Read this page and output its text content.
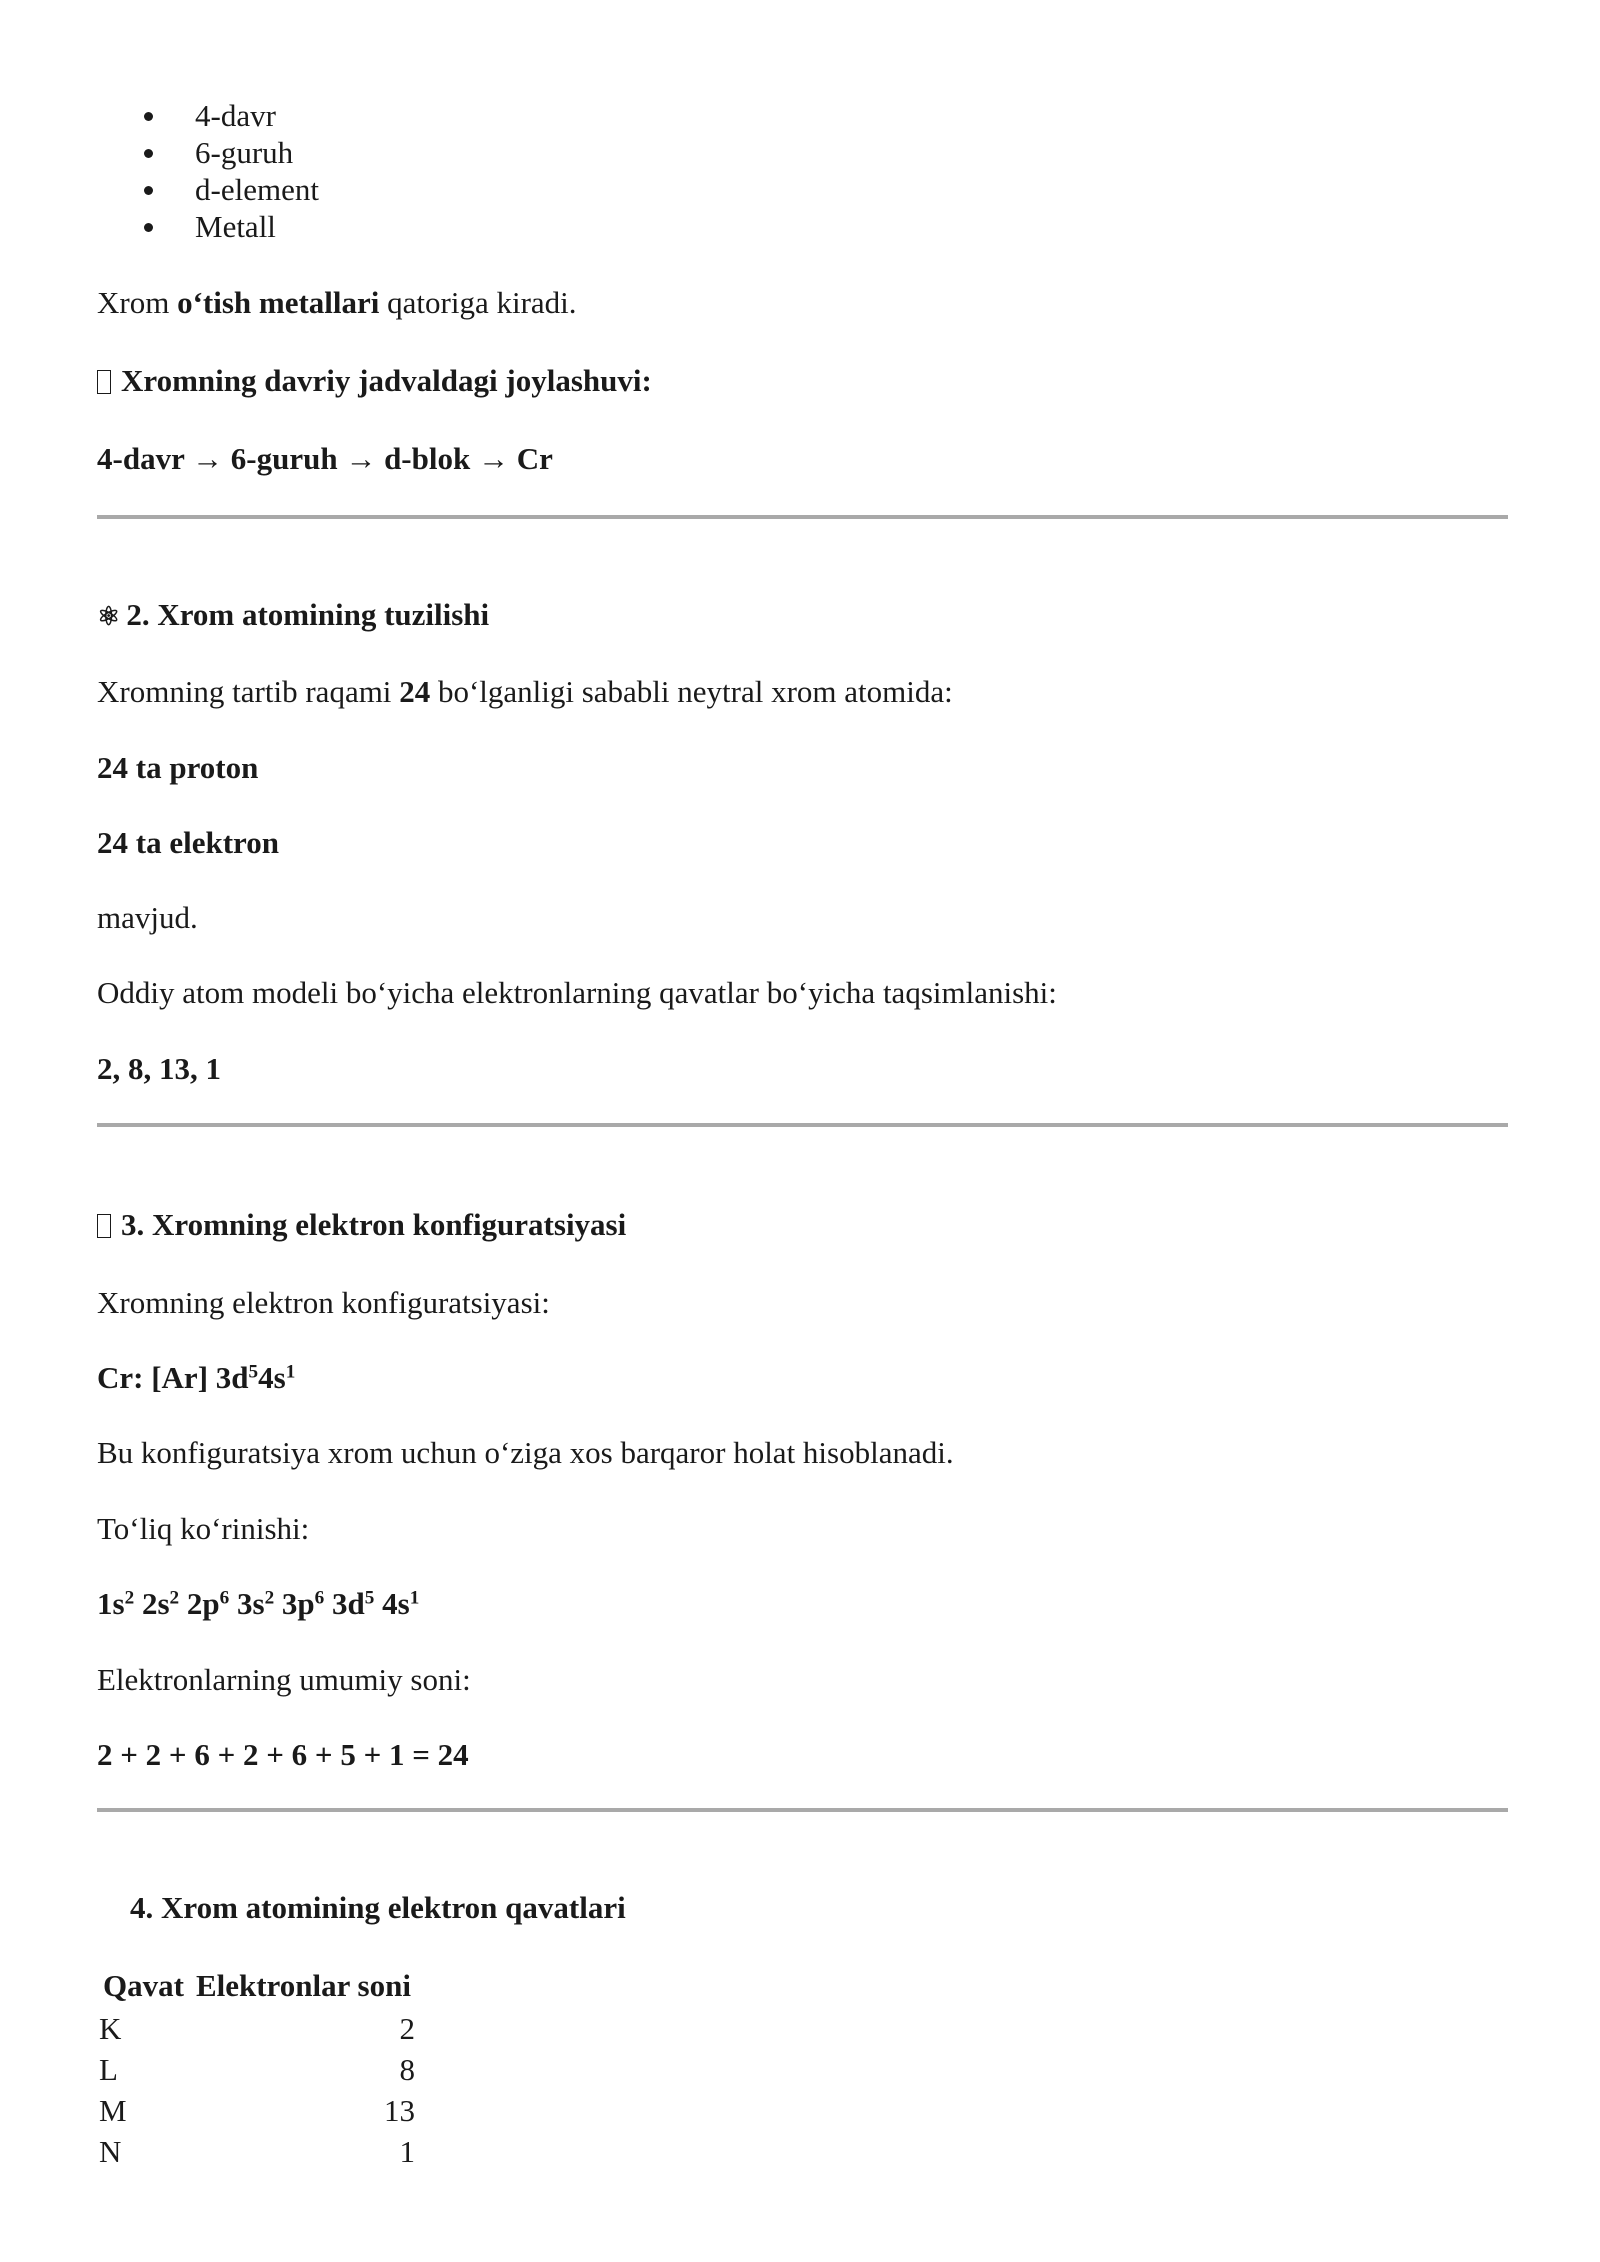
4-davr
6-guruh
d-element
Metall
Xrom o‘tish metallari qatoriga kiradi.
Xromning davriy jadvaldagi joylashuvi:
4-davr → 6-guruh → d-blok → Cr
⚛ 2. Xrom atomining tuzilishi
Xromning tartib raqami 24 bo‘lganligi sababli neytral xrom atomida:
24 ta proton
24 ta elektron
mavjud.
Oddiy atom modeli bo‘yicha elektronlarning qavatlar bo‘yicha taqsimlanishi:
2, 8, 13, 1
3. Xromning elektron konfiguratsiyasi
Xromning elektron konfiguratsiyasi:
Cr: [Ar] $3d^54s^1$
Bu konfiguratsiya xrom uchun o‘ziga xos barqaror holat hisoblanadi.
To‘liq ko‘rinishi:
$1s^2$ $2s^2$ $2p^6$ $3s^2$ $3p^6$ $3d^5$ $4s^1$
Elektronlarning umumiy soni:
2 + 2 + 6 + 2 + 6 + 5 + 1 = 24
4. Xrom atomining elektron qavatlari
Qavat	Elektronlar soni
K	2
L	8
M	13
N	1
